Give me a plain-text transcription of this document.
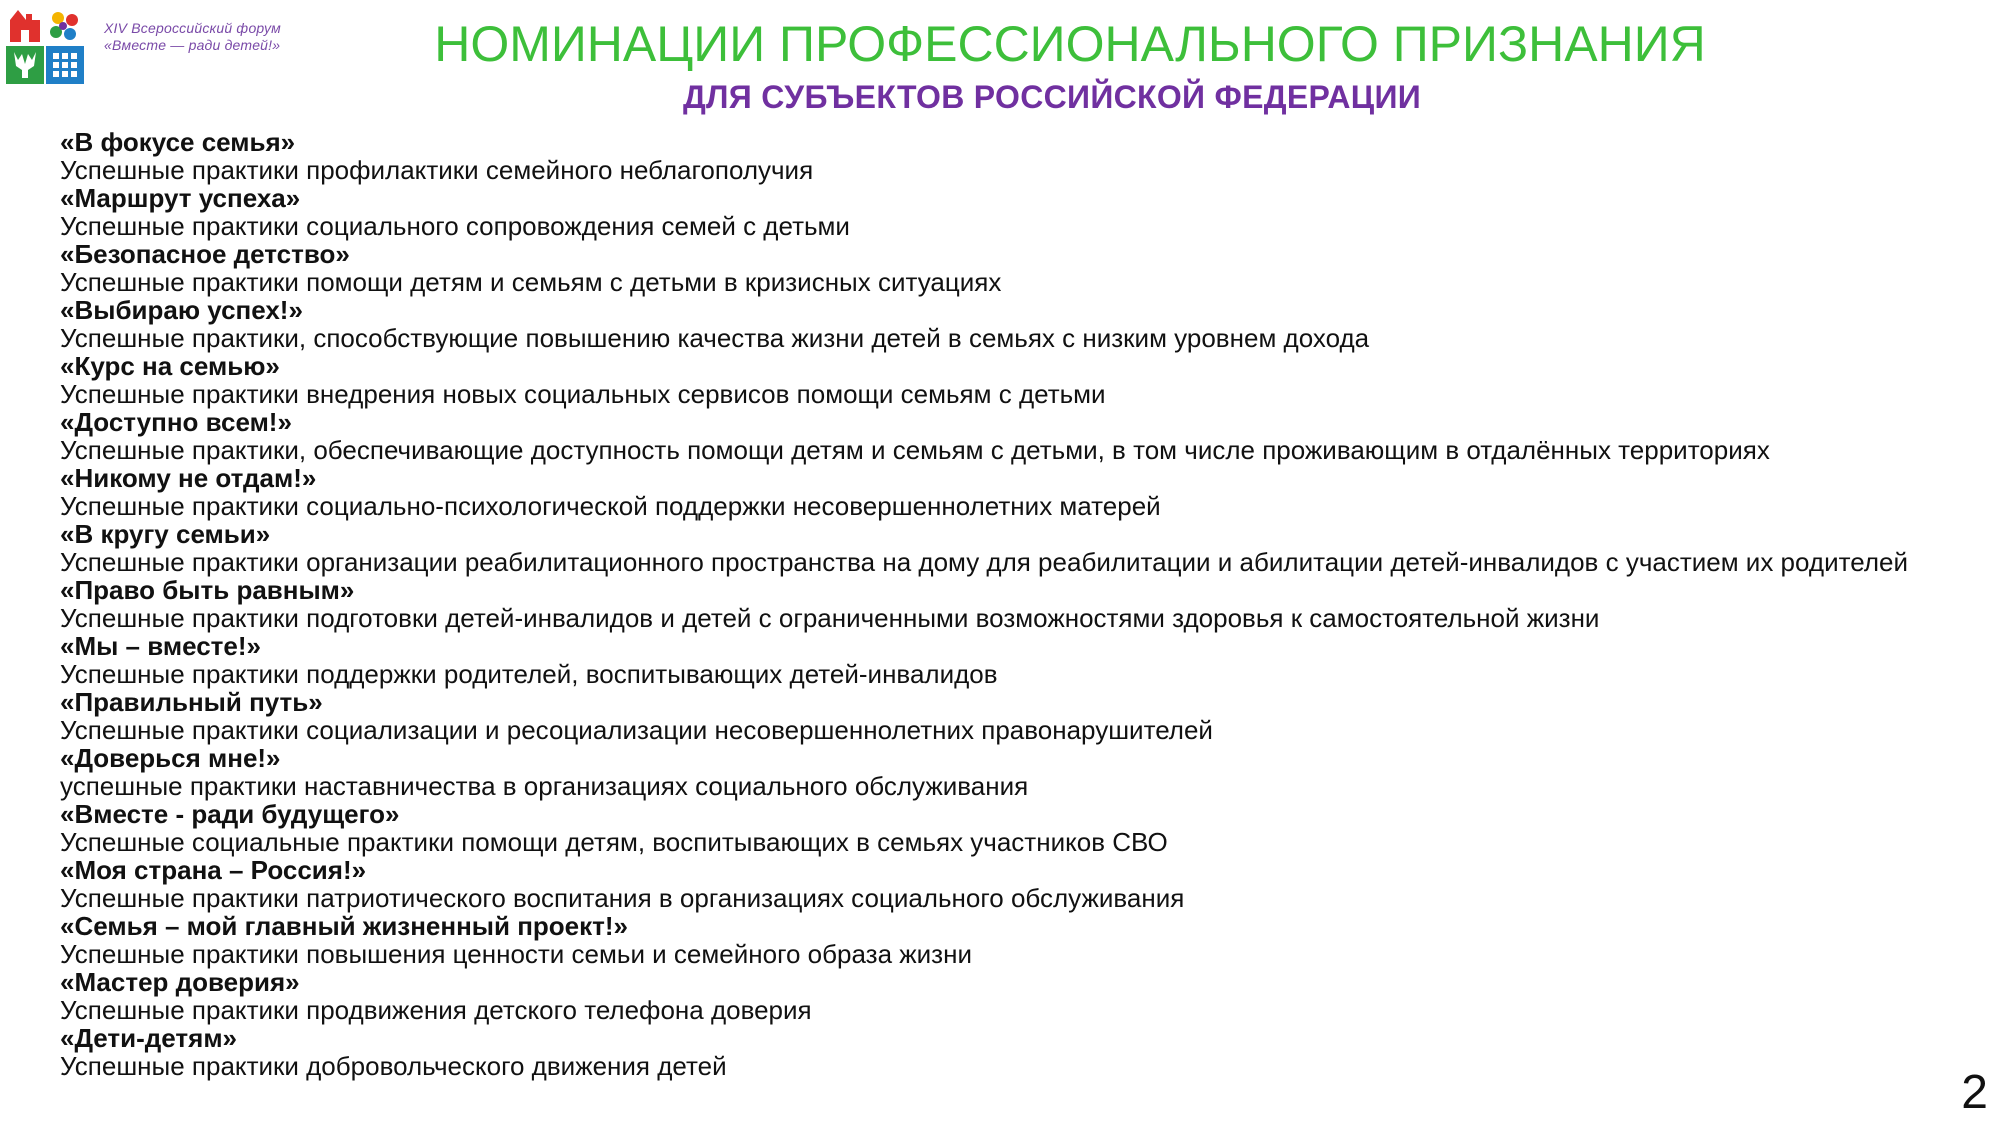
XIV Всероссийский форум
«Вместе — ради детей!»	НОМИНАЦИИ ПРОФЕССИОНАЛЬНОГО ПРИЗНАНИЯ
ДЛЯ СУБЪЕКТОВ РОССИЙСКОЙ ФЕДЕРАЦИИ
«В фокусе семья»
Успешные практики профилактики семейного неблагополучия
«Маршрут успеха»
Успешные практики социального сопровождения семей с детьми
«Безопасное детство»
Успешные практики помощи детям и семьям с детьми в кризисных ситуациях
«Выбираю успех!»
Успешные практики, способствующие повышению качества жизни детей в семьях с низким уровнем дохода
«Курс на семью»
Успешные практики внедрения новых социальных сервисов помощи семьям с детьми
«Доступно всем!»
Успешные практики, обеспечивающие доступность помощи детям и семьям с детьми, в том числе проживающим в отдалённых территориях
«Никому не отдам!»
Успешные практики социально-психологической поддержки несовершеннолетних матерей
«В кругу семьи»
Успешные практики организации реабилитационного пространства на дому для реабилитации и абилитации детей-инвалидов с участием их родителей
«Право быть равным»
Успешные практики подготовки детей-инвалидов и детей с ограниченными возможностями здоровья к самостоятельной жизни
«Мы – вместе!»
Успешные практики поддержки родителей, воспитывающих детей-инвалидов
«Правильный путь»
Успешные практики социализации и ресоциализации несовершеннолетних правонарушителей
«Доверься мне!»
успешные практики наставничества в организациях социального обслуживания
«Вместе - ради будущего»
Успешные социальные практики помощи детям, воспитывающих в семьях участников СВО
«Моя страна – Россия!»
Успешные практики патриотического воспитания в организациях социального обслуживания
«Семья – мой главный жизненный проект!»
Успешные практики повышения ценности семьи и семейного образа жизни
«Мастер доверия»
Успешные практики продвижения детского телефона доверия
«Дети-детям»
Успешные практики добровольческого движения детей	2
